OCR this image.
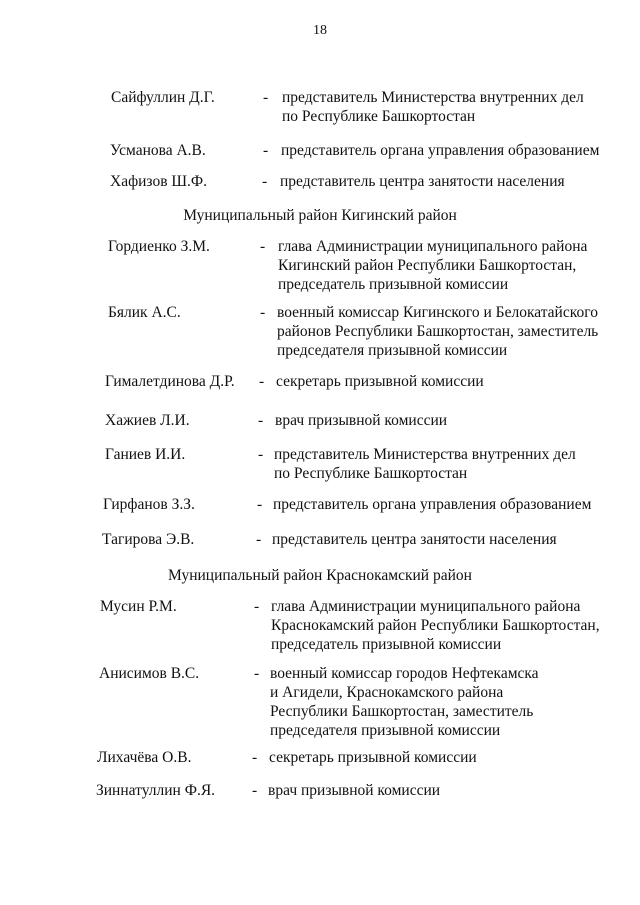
18
Сайфуллин Д.Г.	- представитель Министерства внутренних дел
по Республике Башкортостан
Усманова А.В.	- представитель органа управления образованием
Хафизов Ш.Ф.	- представитель центра занятости населения
Муниципальный район Кигинский район
Гордиенко З.М.	- глава Администрации муниципального района
Кигинский район Республики Башкортостан,
председатель призывной комиссии
Бялик А.С.	- военный комиссар Кигинского и Белокатайского
районов Республики Башкортостан, заместитель
председателя призывной комиссии
Гималетдинова Д.Р. - секретарь призывной комиссии
Хажиев Л.И.	- врач призывной комиссии
Ганиев И.И.	- представитель Министерства внутренних дел
по Республике Башкортостан
Гирфанов З.З.	- представитель органа управления образованием
Тагирова Э.В.	- представитель центра занятости населения
Муниципальный район Краснокамский район
Мусин Р.М.	- глава Администрации муниципального района
Краснокамский район Республики Башкортостан,
председатель призывной комиссии
Анисимов В.С.	- военный комиссар городов Нефтекамска
и Агидели, Краснокамского района
Республики Башкортостан, заместитель
председателя призывной комиссии
Лихачёва О.В.	- секретарь призывной комиссии
Зиннатуллин Ф.Я. - врач призывной комиссии
